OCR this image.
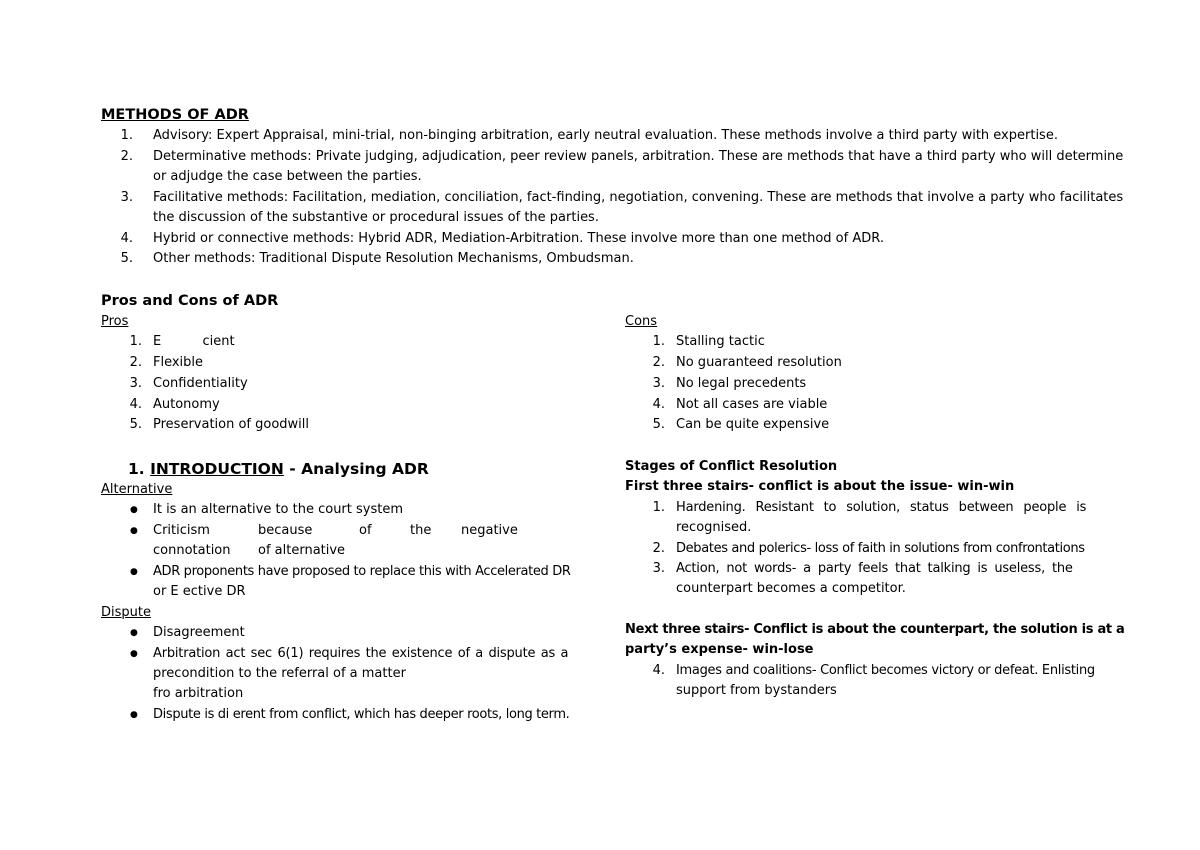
METHODS OF ADR
1. Advisory: Expert Appraisal, mini-trial, non-binging arbitration, early neutral evaluation. These methods involve a third party with expertise.
2. Determinative methods: Private judging, adjudication, peer review panels, arbitration. These are methods that have a third party who will determine
or adjudge the case between the parties.
3. Facilitative methods: Facilitation, mediation, conciliation, fact-finding, negotiation, convening. These are methods that involve a party who facilitates
the discussion of the substantive or procedural issues of the parties.
4. Hybrid or connective methods: Hybrid ADR, Mediation-Arbitration. These involve more than one method of ADR.
5. Other methods: Traditional Dispute Resolution Mechanisms, Ombudsman.
Pros and Cons of ADR
Pros
1. E          cient
2. Flexible
3. Confidentiality
4. Autonomy
5. Preservation of goodwill
Cons
1. Stalling tactic
2. No guaranteed resolution
3. No legal precedents
4. Not all cases are viable
5. Can be quite expensive
1. INTRODUCTION - Analysing ADR
Alternative
● It is an alternative to the court system
● Criticism	because	of	the negative
connotation of alternative
● ADR proponents have proposed to replace this with Accelerated DR
or E ective DR
Dispute
● Disagreement
● Arbitration act sec 6(1) requires the existence of a dispute as a
precondition to the referral of a matter
fro arbitration
● Dispute is di erent from conflict, which has deeper roots, long term.
Stages of Conflict Resolution
First three stairs- conflict is about the issue- win-win
1. Hardening. Resistant to solution, status between people is
recognised.
2. Debates and polerics- loss of faith in solutions from confrontations
3. Action, not words- a party feels that talking is useless, the
counterpart becomes a competitor.
Next three stairs- Conflict is about the counterpart, the solution is at a
party’s expense- win-lose
4. Images and coalitions- Conflict becomes victory or defeat. Enlisting
support from bystanders
